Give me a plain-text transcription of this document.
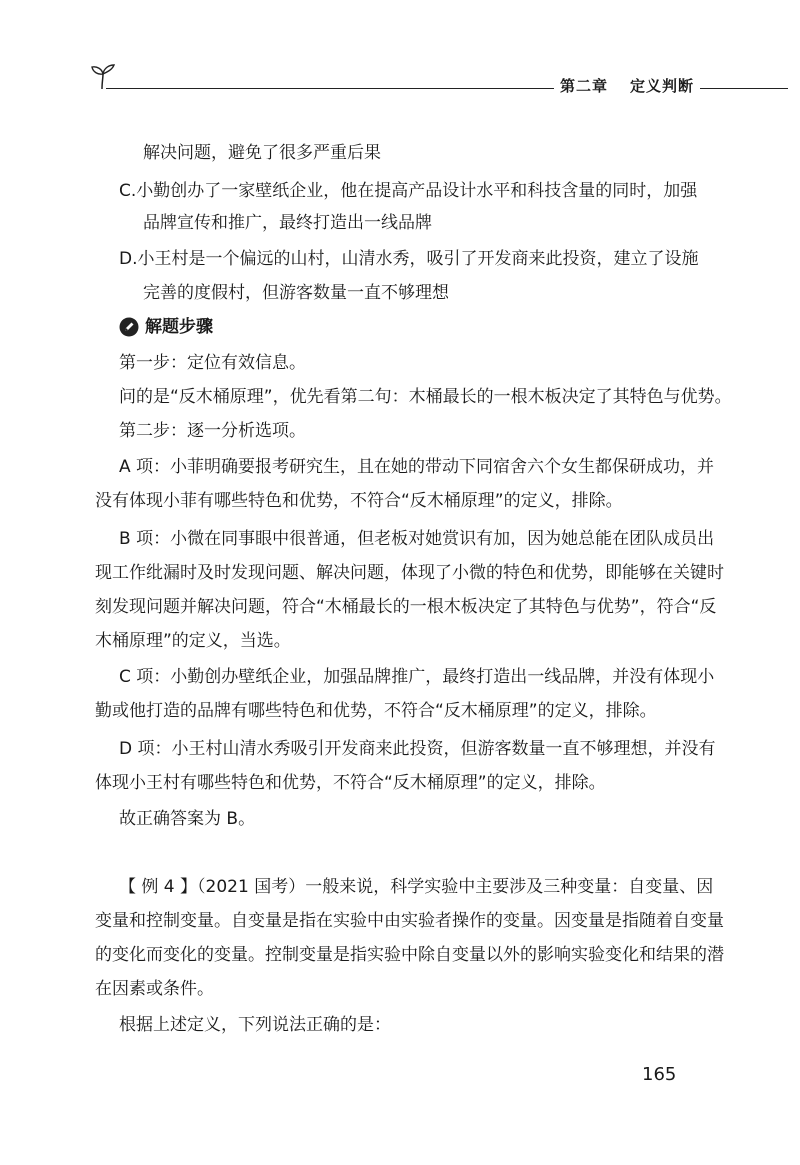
第二章 定义判断
解决问题，避免了很多严重后果
C.小勤创办了一家壁纸企业，他在提高产品设计水平和科技含量的同时，加强
品牌宣传和推广，最终打造出一线品牌
D.小王村是一个偏远的山村，山清水秀，吸引了开发商来此投资，建立了设施
完善的度假村，但游客数量一直不够理想
解题步骤
第一步：定位有效信息。
问的是“反木桶原理”，优先看第二句：木桶最长的一根木板决定了其特色与优势。
第二步：逐一分析选项。
A 项：小菲明确要报考研究生，且在她的带动下同宿舍六个女生都保研成功，并
没有体现小菲有哪些特色和优势，不符合“反木桶原理”的定义，排除。
B 项：小微在同事眼中很普通，但老板对她赏识有加，因为她总能在团队成员出
现工作纰漏时及时发现问题、解决问题，体现了小微的特色和优势，即能够在关键时
刻发现问题并解决问题，符合“木桶最长的一根木板决定了其特色与优势”，符合“反
木桶原理”的定义，当选。
C 项：小勤创办壁纸企业，加强品牌推广，最终打造出一线品牌，并没有体现小
勤或他打造的品牌有哪些特色和优势，不符合“反木桶原理”的定义，排除。
D 项：小王村山清水秀吸引开发商来此投资，但游客数量一直不够理想，并没有
体现小王村有哪些特色和优势，不符合“反木桶原理”的定义，排除。
故正确答案为 B。
【 例 4 】（2021 国考）一般来说，科学实验中主要涉及三种变量：自变量、因
变量和控制变量。自变量是指在实验中由实验者操作的变量。因变量是指随着自变量
的变化而变化的变量。控制变量是指实验中除自变量以外的影响实验变化和结果的潜
在因素或条件。
根据上述定义，下列说法正确的是：
165
